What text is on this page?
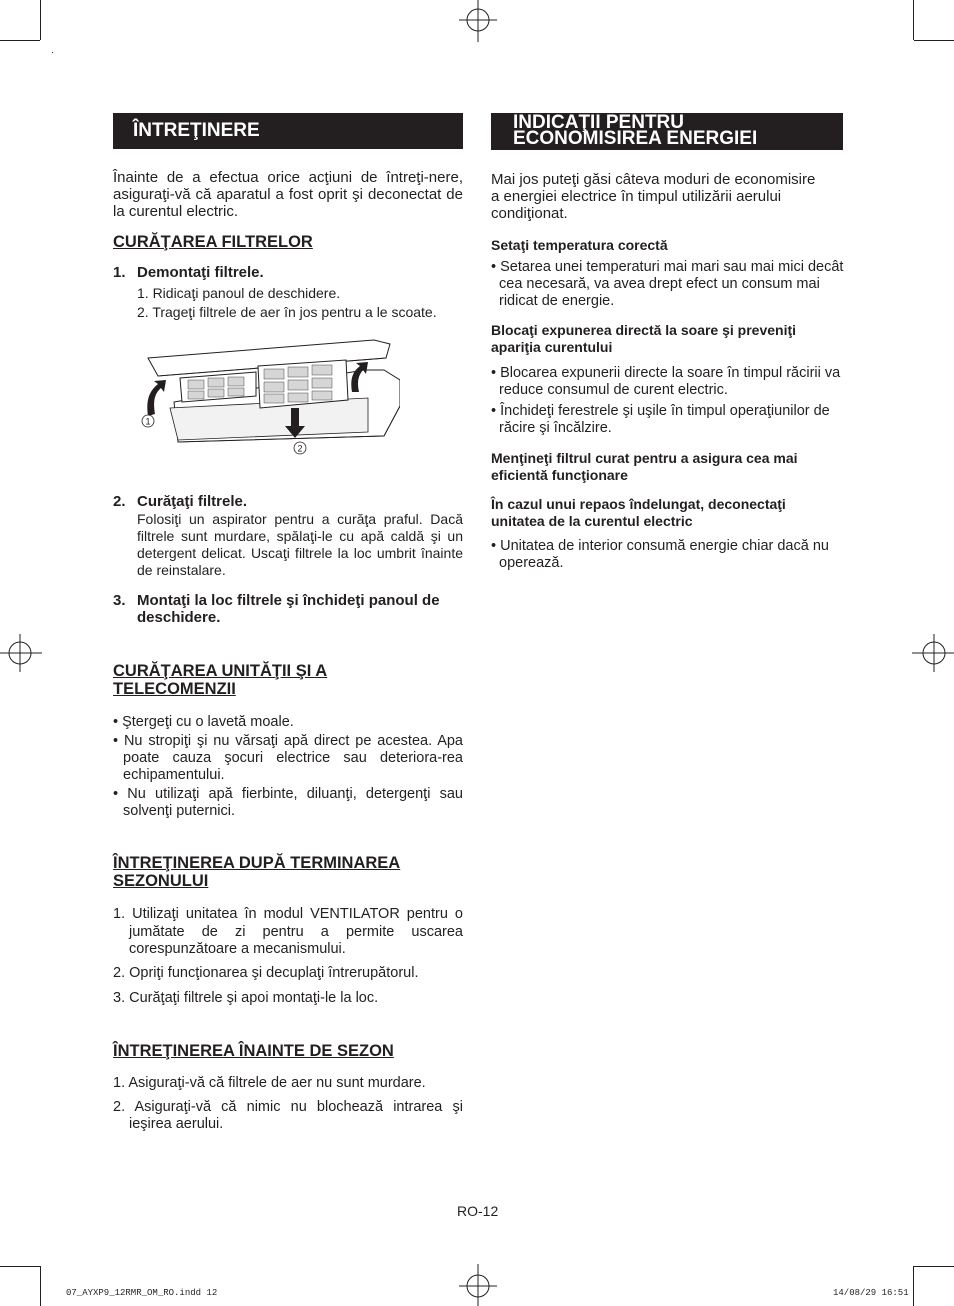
ÎNTREŢINERE

Înainte de a efectua orice acţiuni de întreţi-nere, asiguraţi-vă că aparatul a fost oprit şi deconectat de la curentul electric.

CURĂŢAREA FILTRELOR

1. Demontaţi filtrele.

1. Ridicaţi panoul de deschidere.

2. Trageţi filtrele de aer în jos pentru a le scoate.

1
2

2. Curăţaţi filtrele.

Folosiţi un aspirator pentru a curăţa praful. Dacă filtrele sunt murdare, spălaţi-le cu apă caldă şi un detergent delicat. Uscaţi filtrele la loc umbrit înainte de reinstalare.

3. Montaţi la loc filtrele şi închideţi panoul de deschidere.

CURĂŢAREA UNITĂŢII ŞI A TELECOMENZII

• Ştergeţi cu o lavetă moale.

• Nu stropiţi şi nu vărsaţi apă direct pe acestea. Apa poate cauza şocuri electrice sau deteriora-rea echipamentului.

• Nu utilizaţi apă fierbinte, diluanţi, detergenţi sau solvenţi puternici.

ÎNTREŢINEREA DUPĂ TERMINAREA SEZONULUI

1. Utilizaţi unitatea în modul VENTILATOR pentru o jumătate de zi pentru a permite uscarea corespunzătoare a mecanismului.

2. Opriţi funcţionarea şi decuplaţi întrerupătorul.

3. Curăţaţi filtrele şi apoi montaţi-le la loc.

ÎNTREŢINEREA ÎNAINTE DE SEZON

1. Asiguraţi-vă că filtrele de aer nu sunt murdare.

2. Asiguraţi-vă că nimic nu blochează intrarea şi ieşirea aerului.

INDICAŢII PENTRU
ECONOMISIREA ENERGIEI

Mai jos puteţi găsi câteva moduri de economisire a energiei electrice în timpul utilizării aerului condiţionat.

Setaţi temperatura corectă

• Setarea unei temperaturi mai mari sau mai mici decât cea necesară, va avea drept efect un consum mai ridicat de energie.

Blocaţi expunerea directă la soare şi preveniţi apariţia curentului

• Blocarea expunerii directe la soare în timpul răcirii va reduce consumul de curent electric.

• Închideţi ferestrele şi uşile în timpul operaţiunilor de răcire şi încălzire.

Menţineţi filtrul curat pentru a asigura cea mai eficientă funcţionare

În cazul unui repaos îndelungat, deconectaţi unitatea de la curentul electric

• Unitatea de interior consumă energie chiar dacă nu operează.

RO-12
07_AYXP9_12RMR_OM_RO.indd 12	14/08/29 16:51
